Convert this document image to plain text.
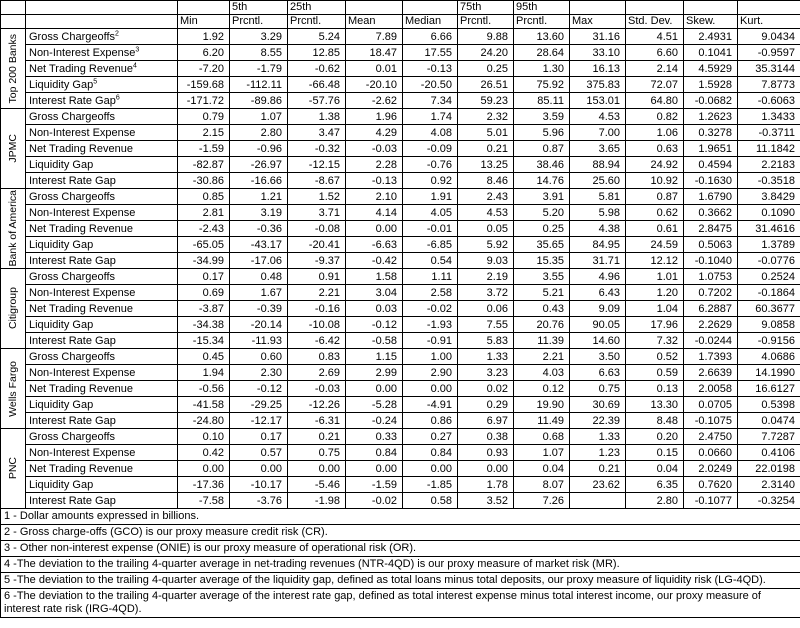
			5th	25th			75th	95th				
		Min	Prcntl.	Prcntl.	Mean	Median	Prcntl.	Prcntl.	Max	Std. Dev.	Skew.	Kurt.

Top 200 Banks	Gross Chargeoffs$^2$	1.92	3.29	5.24	7.89	6.66	9.88	13.60	31.16	4.51	2.4931	9.0434
	Non-Interest Expense$^3$	6.20	8.55	12.85	18.47	17.55	24.20	28.64	33.10	6.60	0.1041	-0.9597
	Net Trading Revenue$^4$	-7.20	-1.79	-0.62	0.01	-0.13	0.25	1.30	16.13	2.14	4.5929	35.3144
	Liquidity Gap$^5$	-159.68	-112.11	-66.48	-20.10	-20.50	26.51	75.92	375.83	72.07	1.5928	7.8773
	Interest Rate Gap$^6$	-171.72	-89.86	-57.76	-2.62	7.34	59.23	85.11	153.01	64.80	-0.0682	-0.6063

JPMC	Gross Chargeoffs	0.79	1.07	1.38	1.96	1.74	2.32	3.59	4.53	0.82	1.2623	1.3433
	Non-Interest Expense	2.15	2.80	3.47	4.29	4.08	5.01	5.96	7.00	1.06	0.3278	-0.3711
	Net Trading Revenue	-1.59	-0.96	-0.32	-0.03	-0.09	0.21	0.87	3.65	0.63	1.9651	11.1842
	Liquidity Gap	-82.87	-26.97	-12.15	2.28	-0.76	13.25	38.46	88.94	24.92	0.4594	2.2183
	Interest Rate Gap	-30.86	-16.66	-8.67	-0.13	0.92	8.46	14.76	25.60	10.92	-0.1630	-0.3518

Bank of America	Gross Chargeoffs	0.85	1.21	1.52	2.10	1.91	2.43	3.91	5.81	0.87	1.6790	3.8429
	Non-Interest Expense	2.81	3.19	3.71	4.14	4.05	4.53	5.20	5.98	0.62	0.3662	0.1090
	Net Trading Revenue	-2.43	-0.36	-0.08	0.00	-0.01	0.05	0.25	4.38	0.61	2.8475	31.4616
	Liquidity Gap	-65.05	-43.17	-20.41	-6.63	-6.85	5.92	35.65	84.95	24.59	0.5063	1.3789
	Interest Rate Gap	-34.99	-17.06	-9.37	-0.42	0.54	9.03	15.35	31.71	12.12	-0.1040	-0.0776

Citigroup	Gross Chargeoffs	0.17	0.48	0.91	1.58	1.11	2.19	3.55	4.96	1.01	1.0753	0.2524
	Non-Interest Expense	0.69	1.67	2.21	3.04	2.58	3.72	5.21	6.43	1.20	0.7202	-0.1864
	Net Trading Revenue	-3.87	-0.39	-0.16	0.03	-0.02	0.06	0.43	9.09	1.04	6.2887	60.3677
	Liquidity Gap	-34.38	-20.14	-10.08	-0.12	-1.93	7.55	20.76	90.05	17.96	2.2629	9.0858
	Interest Rate Gap	-15.34	-11.93	-6.42	-0.58	-0.91	5.83	11.39	14.60	7.32	-0.0244	-0.9156

Wells Fargo	Gross Chargeoffs	0.45	0.60	0.83	1.15	1.00	1.33	2.21	3.50	0.52	1.7393	4.0686
	Non-Interest Expense	1.94	2.30	2.69	2.99	2.90	3.23	4.03	6.63	0.59	2.6639	14.1990
	Net Trading Revenue	-0.56	-0.12	-0.03	0.00	0.00	0.02	0.12	0.75	0.13	2.0058	16.6127
	Liquidity Gap	-41.58	-29.25	-12.26	-5.28	-4.91	0.29	19.90	30.69	13.30	0.0705	0.5398
	Interest Rate Gap	-24.80	-12.17	-6.31	-0.24	0.86	6.97	11.49	22.39	8.48	-0.1075	0.0474

PNC	Gross Chargeoffs	0.10	0.17	0.21	0.33	0.27	0.38	0.68	1.33	0.20	2.4750	7.7287
	Non-Interest Expense	0.42	0.57	0.75	0.84	0.84	0.93	1.07	1.23	0.15	0.0660	0.4106
	Net Trading Revenue	0.00	0.00	0.00	0.00	0.00	0.00	0.04	0.21	0.04	2.0249	22.0198
	Liquidity Gap	-17.36	-10.17	-5.46	-1.59	-1.85	1.78	8.07	23.62	6.35	0.7620	2.3140
	Interest Rate Gap	-7.58	-3.76	-1.98	-0.02	0.58	3.52	7.26		2.80	-0.1077	-0.3254
1 - Dollar amounts expressed in billions.												
2 - Gross charge-offs (GCO) is our proxy measure credit risk (CR).												
3 - Other non-interest expense (ONIE) is our proxy measure of operational risk (OR).												
4 -The deviation to the trailing 4-quarter average in net-trading revenues (NTR-4QD) is our proxy measure of market risk (MR).												
5 -The deviation to the trailing 4-quarter average of the liquidity gap, defined as total loans minus total deposits, our proxy measure of liquidity risk (LG-4QD).												
6 -The deviation to the trailing 4-quarter average of the interest rate gap, defined as total interest expense minus total interest income, our proxy measure of interest rate risk (IRG-4QD).												
